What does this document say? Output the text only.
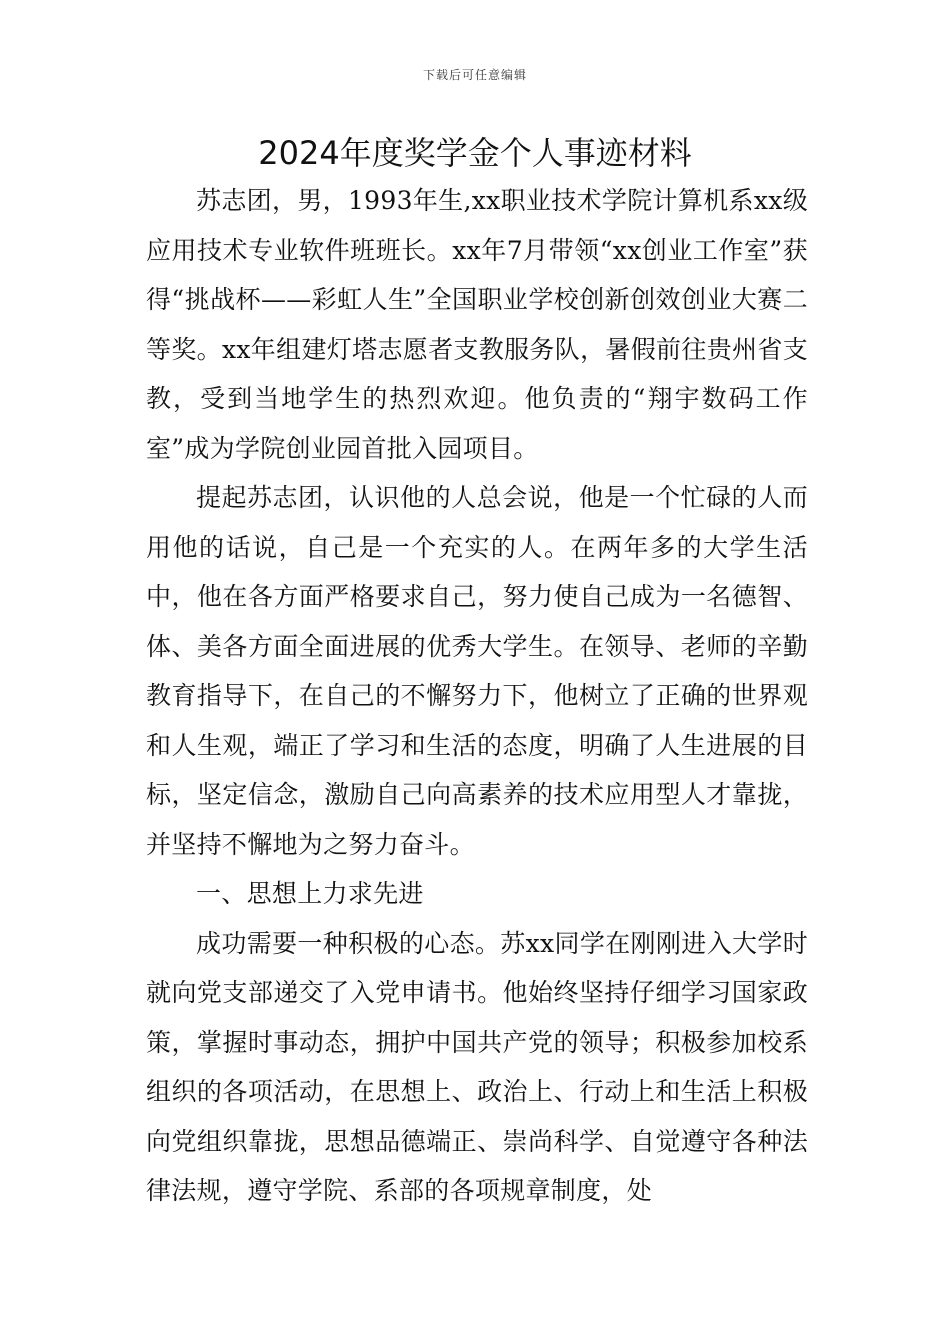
下载后可任意编辑
2024年度奖学金个人事迹材料

苏志团，男，1993年生,xx职业技术学院计算机系xx级应用技术专业软件班班长。xx年7月带领“xx创业工作室”获得“挑战杯——彩虹人生”全国职业学校创新创效创业大赛二等奖。xx年组建灯塔志愿者支教服务队，暑假前往贵州省支教，受到当地学生的热烈欢迎。他负责的“翔宇数码工作室”成为学院创业园首批入园项目。

提起苏志团，认识他的人总会说，他是一个忙碌的人而用他的话说，自己是一个充实的人。在两年多的大学生活中，他在各方面严格要求自己，努力使自己成为一名德智、体、美各方面全面进展的优秀大学生。在领导、老师的辛勤教育指导下，在自己的不懈努力下，他树立了正确的世界观和人生观，端正了学习和生活的态度，明确了人生进展的目标，坚定信念，激励自己向高素养的技术应用型人才靠拢，并坚持不懈地为之努力奋斗。

一、思想上力求先进

成功需要一种积极的心态。苏xx同学在刚刚进入大学时就向党支部递交了入党申请书。他始终坚持仔细学习国家政策，掌握时事动态，拥护中国共产党的领导；积极参加校系组织的各项活动，在思想上、政治上、行动上和生活上积极向党组织靠拢，思想品德端正、崇尚科学、自觉遵守各种法律法规，遵守学院、系部的各项规章制度，处
